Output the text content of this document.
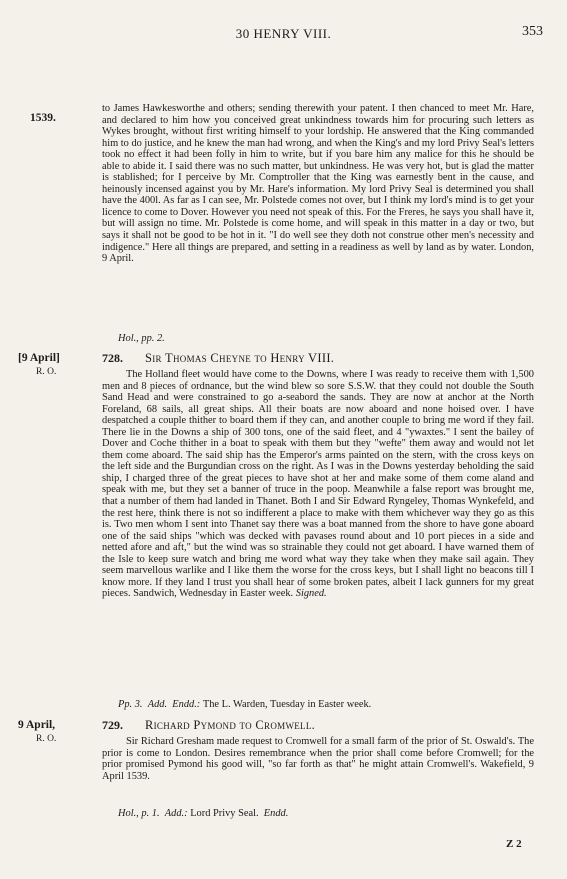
30 HENRY VIII.	353
1539.
to James Hawkesworthe and others; sending therewith your patent. I then chanced to meet Mr. Hare, and declared to him how you conceived great unkindness towards him for procuring such letters as Wykes brought, without first writing himself to your lordship. He answered that the King commanded him to do justice, and he knew the man had wrong, and when the King's and my lord Privy Seal's letters took no effect it had been folly in him to write, but if you bare him any malice for this he should be able to abide it. I said there was no such matter, but unkindness. He was very hot, but is glad the matter is stablished; for I perceive by Mr. Comptroller that the King was earnestly bent in the cause, and heinously incensed against you by Mr. Hare's information. My lord Privy Seal is determined you shall have the 400l. As far as I can see, Mr. Polstede comes not over, but I think my lord's mind is to get your licence to come to Dover. However you need not speak of this. For the Freres, he says you shall have it, but will assign no time. Mr. Polstede is come home, and will speak in this matter in a day or two, but says it shall not be good to be hot in it. "I do well see they doth not construe other men's necessity and indigence." Here all things are prepared, and setting in a readiness as well by land as by water. London, 9 April.
Hol., pp. 2.
[9 April]
R. O.
728. Sir Thomas Cheyne to Henry VIII.
The Holland fleet would have come to the Downs, where I was ready to receive them with 1,500 men and 8 pieces of ordnance, but the wind blew so sore S.S.W. that they could not double the South Sand Head and were constrained to go a-seabord the sands. They are now at anchor at the North Foreland, 68 sails, all great ships. All their boats are now aboard and none hoised over. I have despatched a couple thither to board them if they can, and another couple to bring me word if they fail. There lie in the Downs a ship of 300 tons, one of the said fleet, and 4 "ywaxtes." I sent the bailey of Dover and Coche thither in a boat to speak with them but they "wefte" them away and would not let them come aboard. The said ship has the Emperor's arms painted on the stern, with the cross keys on the left side and the Burgundian cross on the right. As I was in the Downs yesterday beholding the said ship, I charged three of the great pieces to have shot at her and make some of them come aland and speak with me, but they set a banner of truce in the poop. Meanwhile a false report was brought me, that a number of them had landed in Thanet. Both I and Sir Edward Ryngeley, Thomas Wynkefeld, and the rest here, think there is not so indifferent a place to make with them whichever way they go as this is. Two men whom I sent into Thanet say there was a boat manned from the shore to have gone aboard one of the said ships "which was decked with pavases round about and 10 port pieces in a side and netted afore and aft," but the wind was so strainable they could not get aboard. I have warned them of the Isle to keep sure watch and bring me word what way they take when they make sail again. They seem marvellous warlike and I like them the worse for the cross keys, but I shall light no beacons till I know more. If they land I trust you shall hear of some broken pates, albeit I lack gunners for my great pieces. Sandwich, Wednesday in Easter week. Signed.
Pp. 3. Add. Endd.: The L. Warden, Tuesday in Easter week.
9 April,
R. O.
729. Richard Pymond to Cromwell.
Sir Richard Gresham made request to Cromwell for a small farm of the prior of St. Oswald's. The prior is come to London. Desires remembrance when the prior shall come before Cromwell; for the prior promised Pymond his good will, "so far forth as that" he might attain Cromwell's. Wakefield, 9 April 1539.
Hol., p. 1. Add.: Lord Privy Seal. Endd.
Z 2
